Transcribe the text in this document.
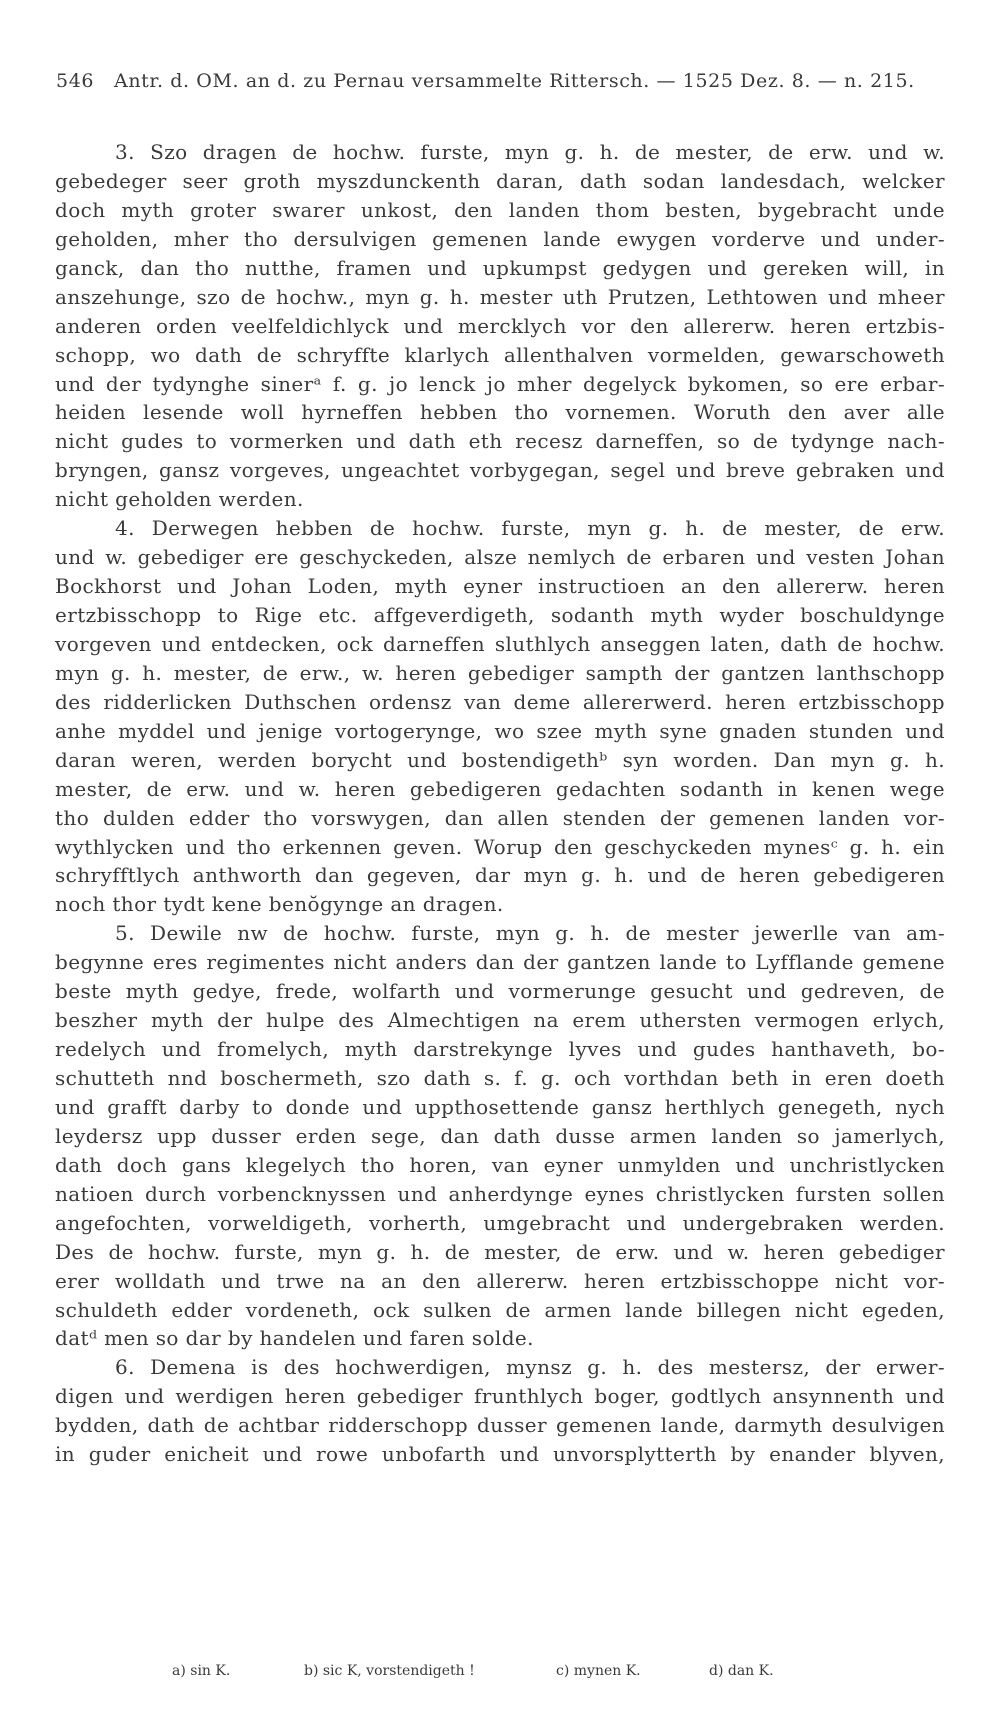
546 Antr. d. OM. an d. zu Pernau versammelte Rittersch. — 1525 Dez. 8. — n. 215.
3. Szo dragen de hochw. furste, myn g. h. de mester, de erw. und w.
gebedeger seer groth myszdunckenth daran, dath sodan landesdach, welcker
doch myth groter swarer unkost, den landen thom besten, bygebracht unde
geholden, mher tho dersulvigen gemenen lande ewygen vorderve und under-
ganck, dan tho nutthe, framen und upkumpst gedygen und gereken will, in
anszehunge, szo de hochw., myn g. h. mester uth Prutzen, Lethtowen und mheer
anderen orden veelfeldichlyck und mercklych vor den allererw. heren ertzbis-
schopp, wo dath de schryffte klarlych allenthalven vormelden, gewarschoweth
und der tydynghe sinerᵃ f. g. jo lenck jo mher degelyck bykomen, so ere erbar-
heiden lesende woll hyrneffen hebben tho vornemen. Woruth den aver alle
nicht gudes to vormerken und dath eth recesz darneffen, so de tydynge nach-
bryngen, gansz vorgeves, ungeachtet vorbygegan, segel und breve gebraken und
nicht geholden werden.
4. Derwegen hebben de hochw. furste, myn g. h. de mester, de erw.
und w. gebediger ere geschyckeden, alsze nemlych de erbaren und vesten Johan
Bockhorst und Johan Loden, myth eyner instructioen an den allererw. heren
ertzbisschopp to Rige etc. affgeverdigeth, sodanth myth wyder boschuldynge
vorgeven und entdecken, ock darneffen sluthlych anseggen laten, dath de hochw.
myn g. h. mester, de erw., w. heren gebediger sampth der gantzen lanthschopp
des ridderlicken Duthschen ordensz van deme allererwerd. heren ertzbisschopp
anhe myddel und jenige vortogerynge, wo szee myth syne gnaden stunden und
daran weren, werden borycht und bostendigethᵇ syn worden. Dan myn g. h.
mester, de erw. und w. heren gebedigeren gedachten sodanth in kenen wege
tho dulden edder tho vorswygen, dan allen stenden der gemenen landen vor-
wythlycken und tho erkennen geven. Worup den geschyckeden mynesᶜ g. h. ein
schryfftlych anthworth dan gegeven, dar myn g. h. und de heren gebedigeren
noch thor tydt kene benŏgynge an dragen.
5. Dewile nw de hochw. furste, myn g. h. de mester jewerlle van am-
begynne eres regimentes nicht anders dan der gantzen lande to Lyfflande gemene
beste myth gedye, frede, wolfarth und vormerunge gesucht und gedreven, de
beszher myth der hulpe des Almechtigen na erem uthersten vermogen erlych,
redelych und fromelych, myth darstrekynge lyves und gudes hanthaveth, bo-
schutteth nnd boschermeth, szo dath s. f. g. och vorthdan beth in eren doeth
und grafft darby to donde und uppthosettende gansz herthlych genegeth, nych
leydersz upp dusser erden sege, dan dath dusse armen landen so jamerlych,
dath doch gans klegelych tho horen, van eyner unmylden und unchristlycken
natioen durch vorbencknyssen und anherdynge eynes christlycken fursten sollen
angefochten, vorweldigeth, vorherth, umgebracht und undergebraken werden.
Des de hochw. furste, myn g. h. de mester, de erw. und w. heren gebediger
erer wolldath und trwe na an den allererw. heren ertzbisschoppe nicht vor-
schuldeth edder vordeneth, ock sulken de armen lande billegen nicht egeden,
datᵈ men so dar by handelen und faren solde.
6. Demena is des hochwerdigen, mynsz g. h. des mestersz, der erwer-
digen und werdigen heren gebediger frunthlych boger, godtlych ansynnenth und
bydden, dath de achtbar ridderschopp dusser gemenen lande, darmyth desulvigen
in guder enicheit und rowe unbofarth und unvorsplytterth by enander blyven,
a) sin K.	b) sic K, vorstendigeth !	c) mynen K.	d) dan K.
